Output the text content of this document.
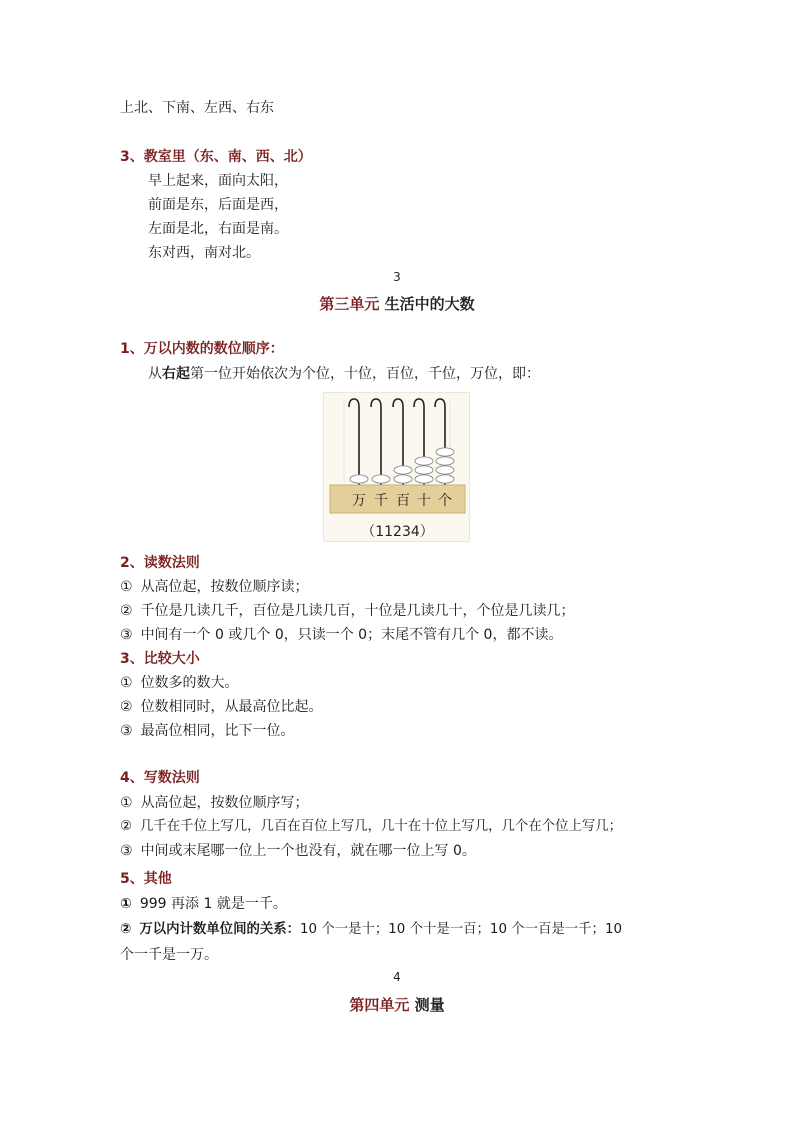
上北、下南、左西、右东
3、教室里（东、南、西、北）
早上起来，面向太阳，
前面是东，后面是西，
左面是北，右面是南。
东对西，南对北。
3
第三单元 生活中的大数
1、万以内数的数位顺序：
从右起第一位开始依次为个位，十位，百位，千位，万位，即：
万 千 百 十 个
（11234）
2、读数法则
① 从高位起，按数位顺序读；
② 千位是几读几千，百位是几读几百，十位是几读几十，个位是几读几；
③ 中间有一个 0 或几个 0，只读一个 0；末尾不管有几个 0，都不读。
3、比较大小
① 位数多的数大。
② 位数相同时，从最高位比起。
③ 最高位相同，比下一位。
4、写数法则
① 从高位起，按数位顺序写；
② 几千在千位上写几，几百在百位上写几，几十在十位上写几，几个在个位上写几；
③ 中间或末尾哪一位上一个也没有，就在哪一位上写 0。
5、其他
① 999 再添 1 就是一千。
② 万以内计数单位间的关系：10 个一是十；10 个十是一百；10 个一百是一千；10
个一千是一万。
4
第四单元 测量
